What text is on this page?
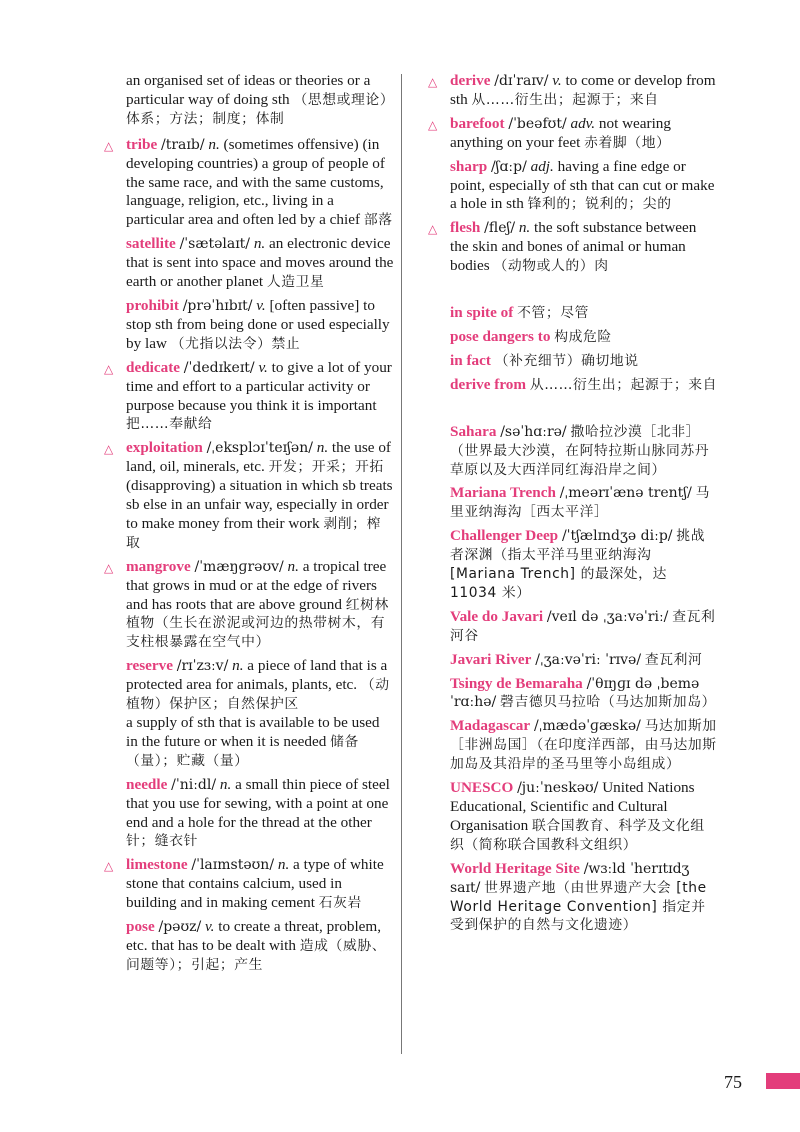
an organised set of ideas or theories or a particular way of doing sth （思想或理论）体系；方法；制度；体制
△ tribe /traɪb/ n. (sometimes offensive) (in developing countries) a group of people of the same race, and with the same customs, language, religion, etc., living in a particular area and often led by a chief 部落
satellite /ˈsætəlaɪt/ n. an electronic device that is sent into space and moves around the earth or another planet 人造卫星
prohibit /prəˈhɪbɪt/ v. [often passive] to stop sth from being done or used especially by law （尤指以法令）禁止
△ dedicate /ˈdedɪkeɪt/ v. to give a lot of your time and effort to a particular activity or purpose because you think it is important 把……奉献给
△ exploitation /ˌeksplɔɪˈteɪʃən/ n. the use of land, oil, minerals, etc. 开发；开采；开拓
(disapproving) a situation in which sb treats sb else in an unfair way, especially in order to make money from their work 剥削；榨取
△ mangrove /ˈmæŋɡrəʊv/ n. a tropical tree that grows in mud or at the edge of rivers and has roots that are above ground 红树林植物（生长在淤泥或河边的热带树木，有支柱根暴露在空气中）
reserve /rɪˈzɜːv/ n. a piece of land that is a protected area for animals, plants, etc. （动植物）保护区；自然保护区
a supply of sth that is available to be used in the future or when it is needed 储备（量）；贮藏（量）
needle /ˈniːdl/ n. a small thin piece of steel that you use for sewing, with a point at one end and a hole for the thread at the other 针；缝衣针
△ limestone /ˈlaɪmstəʊn/ n. a type of white stone that contains calcium, used in building and in making cement 石灰岩
pose /pəʊz/ v. to create a threat, problem, etc. that has to be dealt with 造成（威胁、问题等）；引起；产生
△ derive /dɪˈraɪv/ v. to come or develop from sth 从……衍生出；起源于；来自
△ barefoot /ˈbeəfʊt/ adv. not wearing anything on your feet 赤着脚（地）
sharp /ʃɑːp/ adj. having a fine edge or point, especially of sth that can cut or make a hole in sth 锋利的；锐利的；尖的
△ flesh /fleʃ/ n. the soft substance between the skin and bones of animal or human bodies （动物或人的）肉
in spite of 不管；尽管
pose dangers to 构成危险
in fact （补充细节）确切地说
derive from 从……衍生出；起源于；来自
Sahara /səˈhɑːrə/ 撒哈拉沙漠［北非］（世界最大沙漠，在阿特拉斯山脉同苏丹草原以及大西洋同红海沿岸之间）
Mariana Trench /ˌmeərɪˈænə trentʃ/ 马里亚纳海沟［西太平洋］
Challenger Deep /ˈtʃælɪndʒə diːp/ 挑战者深渊（指太平洋马里亚纳海沟 [Mariana Trench] 的最深处，达 11034 米）
Vale do Javari /veɪl də ˌʒaːvəˈriː/ 查瓦利河谷
Javari River /ˌʒaːvəˈriː ˈrɪvə/ 查瓦利河
Tsingy de Bemaraha /ˈθɪŋɡɪ də ˌbeməˈrɑːhə/ 磬吉德贝马拉哈（马达加斯加岛）
Madagascar /ˌmædəˈɡæskə/ 马达加斯加［非洲岛国］（在印度洋西部，由马达加斯加岛及其沿岸的圣马里等小岛组成）
UNESCO /juːˈneskəʊ/ United Nations Educational, Scientific and Cultural Organisation 联合国教育、科学及文化组织（简称联合国教科文组织）
World Heritage Site /wɜːld ˈherɪtɪdʒ saɪt/ 世界遗产地（由世界遗产大会 [the World Heritage Convention] 指定并受到保护的自然与文化遗迹）
75
